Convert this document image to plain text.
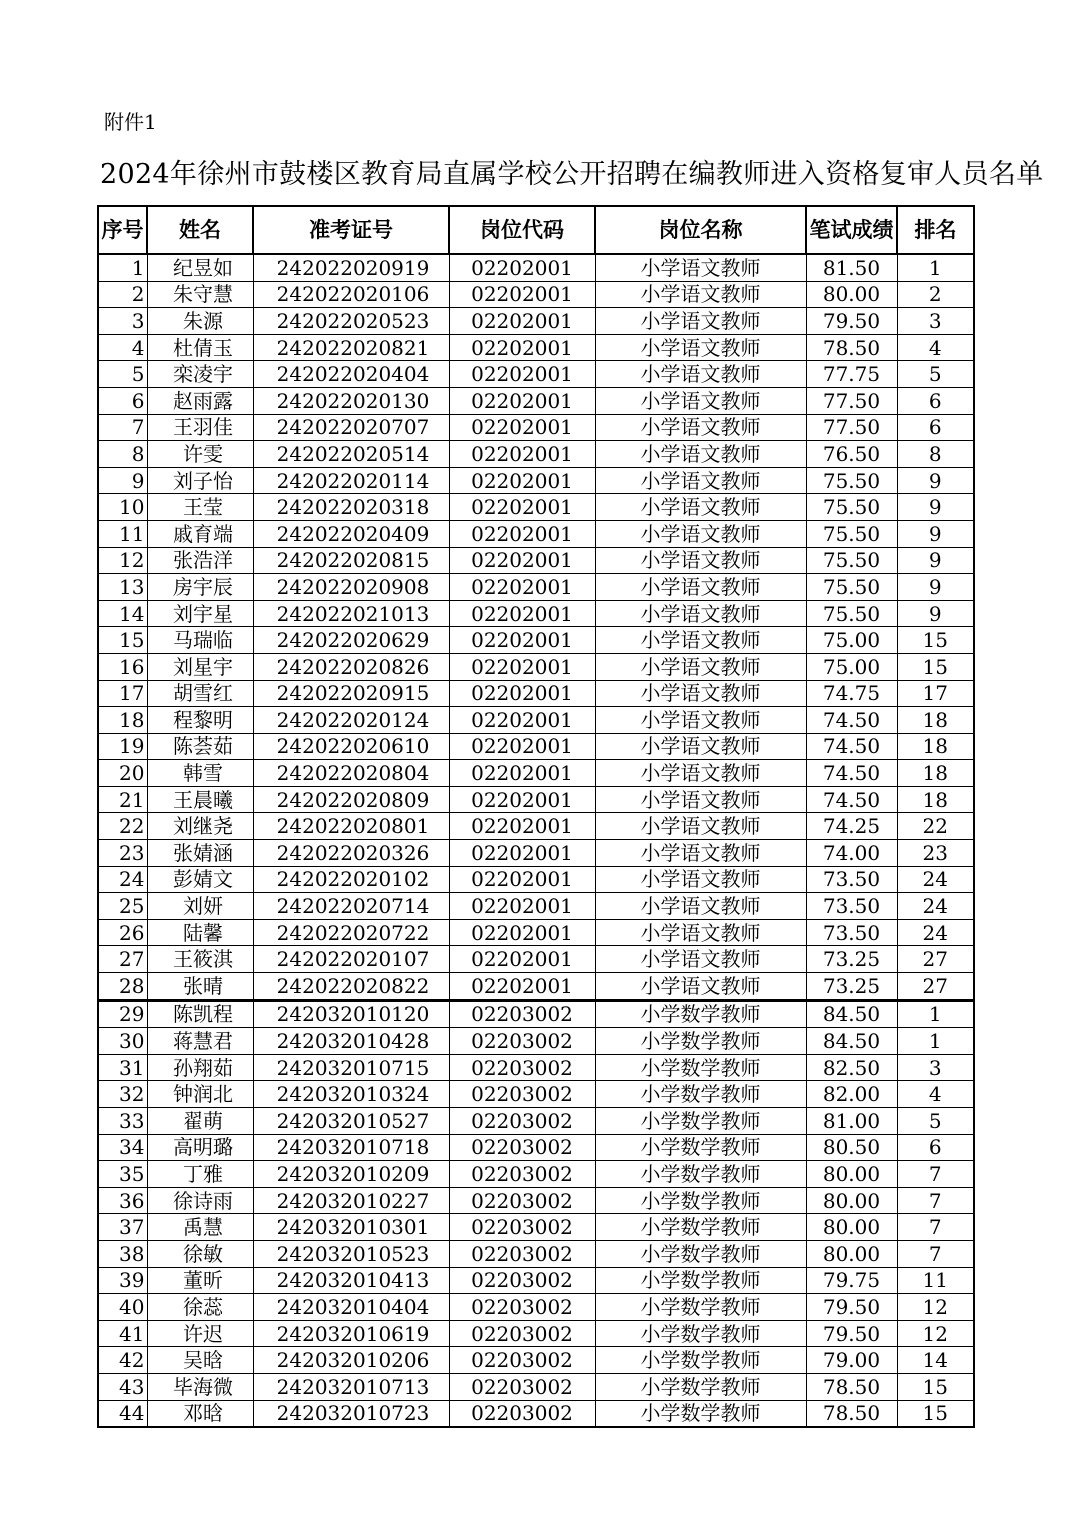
附件1
2024年徐州市鼓楼区教育局直属学校公开招聘在编教师进入资格复审人员名单
序号	姓名	准考证号	岗位代码	岗位名称	笔试成绩	排名
1	纪昱如	242022020919	02202001	小学语文教师	81.50	1
2	朱守慧	242022020106	02202001	小学语文教师	80.00	2
3	朱源	242022020523	02202001	小学语文教师	79.50	3
4	杜倩玉	242022020821	02202001	小学语文教师	78.50	4
5	栾凌宇	242022020404	02202001	小学语文教师	77.75	5
6	赵雨露	242022020130	02202001	小学语文教师	77.50	6
7	王羽佳	242022020707	02202001	小学语文教师	77.50	6
8	许雯	242022020514	02202001	小学语文教师	76.50	8
9	刘子怡	242022020114	02202001	小学语文教师	75.50	9
10	王莹	242022020318	02202001	小学语文教师	75.50	9
11	戚育端	242022020409	02202001	小学语文教师	75.50	9
12	张浩洋	242022020815	02202001	小学语文教师	75.50	9
13	房宇辰	242022020908	02202001	小学语文教师	75.50	9
14	刘宇星	242022021013	02202001	小学语文教师	75.50	9
15	马瑞临	242022020629	02202001	小学语文教师	75.00	15
16	刘星宇	242022020826	02202001	小学语文教师	75.00	15
17	胡雪红	242022020915	02202001	小学语文教师	74.75	17
18	程黎明	242022020124	02202001	小学语文教师	74.50	18
19	陈荟茹	242022020610	02202001	小学语文教师	74.50	18
20	韩雪	242022020804	02202001	小学语文教师	74.50	18
21	王晨曦	242022020809	02202001	小学语文教师	74.50	18
22	刘继尧	242022020801	02202001	小学语文教师	74.25	22
23	张婧涵	242022020326	02202001	小学语文教师	74.00	23
24	彭婧文	242022020102	02202001	小学语文教师	73.50	24
25	刘妍	242022020714	02202001	小学语文教师	73.50	24
26	陆馨	242022020722	02202001	小学语文教师	73.50	24
27	王筱淇	242022020107	02202001	小学语文教师	73.25	27
28	张晴	242022020822	02202001	小学语文教师	73.25	27
29	陈凯程	242032010120	02203002	小学数学教师	84.50	1
30	蒋慧君	242032010428	02203002	小学数学教师	84.50	1
31	孙翔茹	242032010715	02203002	小学数学教师	82.50	3
32	钟润北	242032010324	02203002	小学数学教师	82.00	4
33	翟萌	242032010527	02203002	小学数学教师	81.00	5
34	高明璐	242032010718	02203002	小学数学教师	80.50	6
35	丁雅	242032010209	02203002	小学数学教师	80.00	7
36	徐诗雨	242032010227	02203002	小学数学教师	80.00	7
37	禹慧	242032010301	02203002	小学数学教师	80.00	7
38	徐敏	242032010523	02203002	小学数学教师	80.00	7
39	董昕	242032010413	02203002	小学数学教师	79.75	11
40	徐蕊	242032010404	02203002	小学数学教师	79.50	12
41	许迟	242032010619	02203002	小学数学教师	79.50	12
42	吴晗	242032010206	02203002	小学数学教师	79.00	14
43	毕海微	242032010713	02203002	小学数学教师	78.50	15
44	邓晗	242032010723	02203002	小学数学教师	78.50	15
